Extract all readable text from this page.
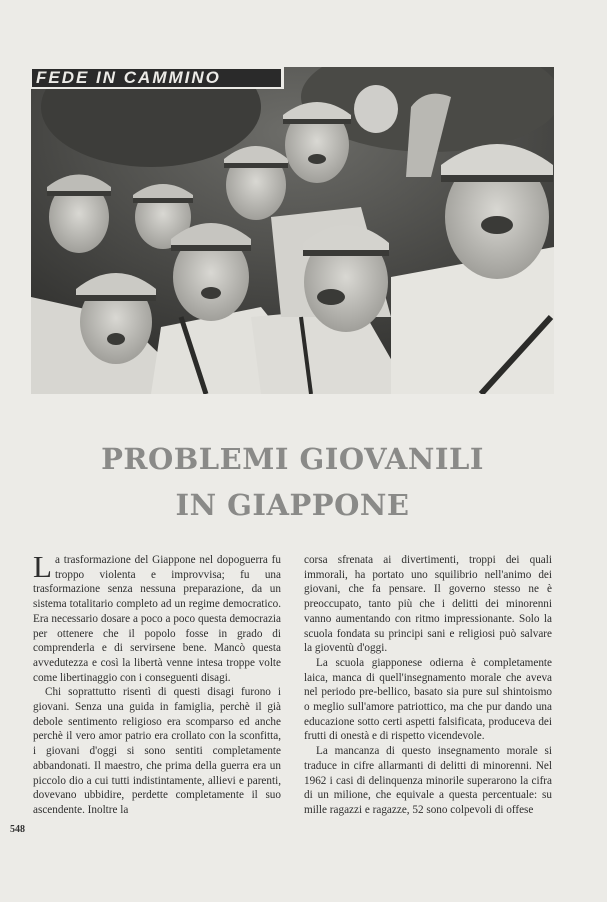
FEDE IN CAMMINO
PROBLEMI GIOVANILI
IN GIAPPONE

La trasformazione del Giappone nel dopoguerra fu troppo violenta e improvvisa; fu una trasformazione senza nessuna preparazione, da un sistema totalitario completo ad un regime democratico. Era necessario dosare a poco a poco questa democrazia per ottenere che il popolo fosse in grado di comprenderla e di servirsene bene. Mancò questa avvedutezza e così la libertà venne intesa troppe volte come libertinaggio con i conseguenti disagi.

Chi soprattutto risentì di questi disagi furono i giovani. Senza una guida in famiglia, perchè il già debole sentimento religioso era scomparso ed anche perchè il vero amor patrio era crollato con la sconfitta, i giovani d'oggi si sono sentiti completamente abbandonati. Il maestro, che prima della guerra era un piccolo dio a cui tutti indistintamente, allievi e parenti, dovevano ubbidire, perdette completamente il suo ascendente. Inoltre la

corsa sfrenata ai divertimenti, troppi dei quali immorali, ha portato uno squilibrio nell'animo dei giovani, che fa pensare. Il governo stesso ne è preoccupato, tanto più che i delitti dei minorenni vanno aumentando con ritmo impressionante. Solo la scuola fondata su principi sani e religiosi può salvare la gioventù d'oggi.

La scuola giapponese odierna è completamente laica, manca di quell'insegnamento morale che aveva nel periodo pre-bellico, basato sia pure sul shintoismo o meglio sull'amore patriottico, ma che pur dando una educazione sotto certi aspetti falsificata, produceva dei frutti di onestà e di rispetto vicendevole.

La mancanza di questo insegnamento morale si traduce in cifre allarmanti di delitti di minorenni. Nel 1962 i casi di delinquenza minorile superarono la cifra di un milione, che equivale a questa percentuale: su mille ragazzi e ragazze, 52 sono colpevoli di offese

548
